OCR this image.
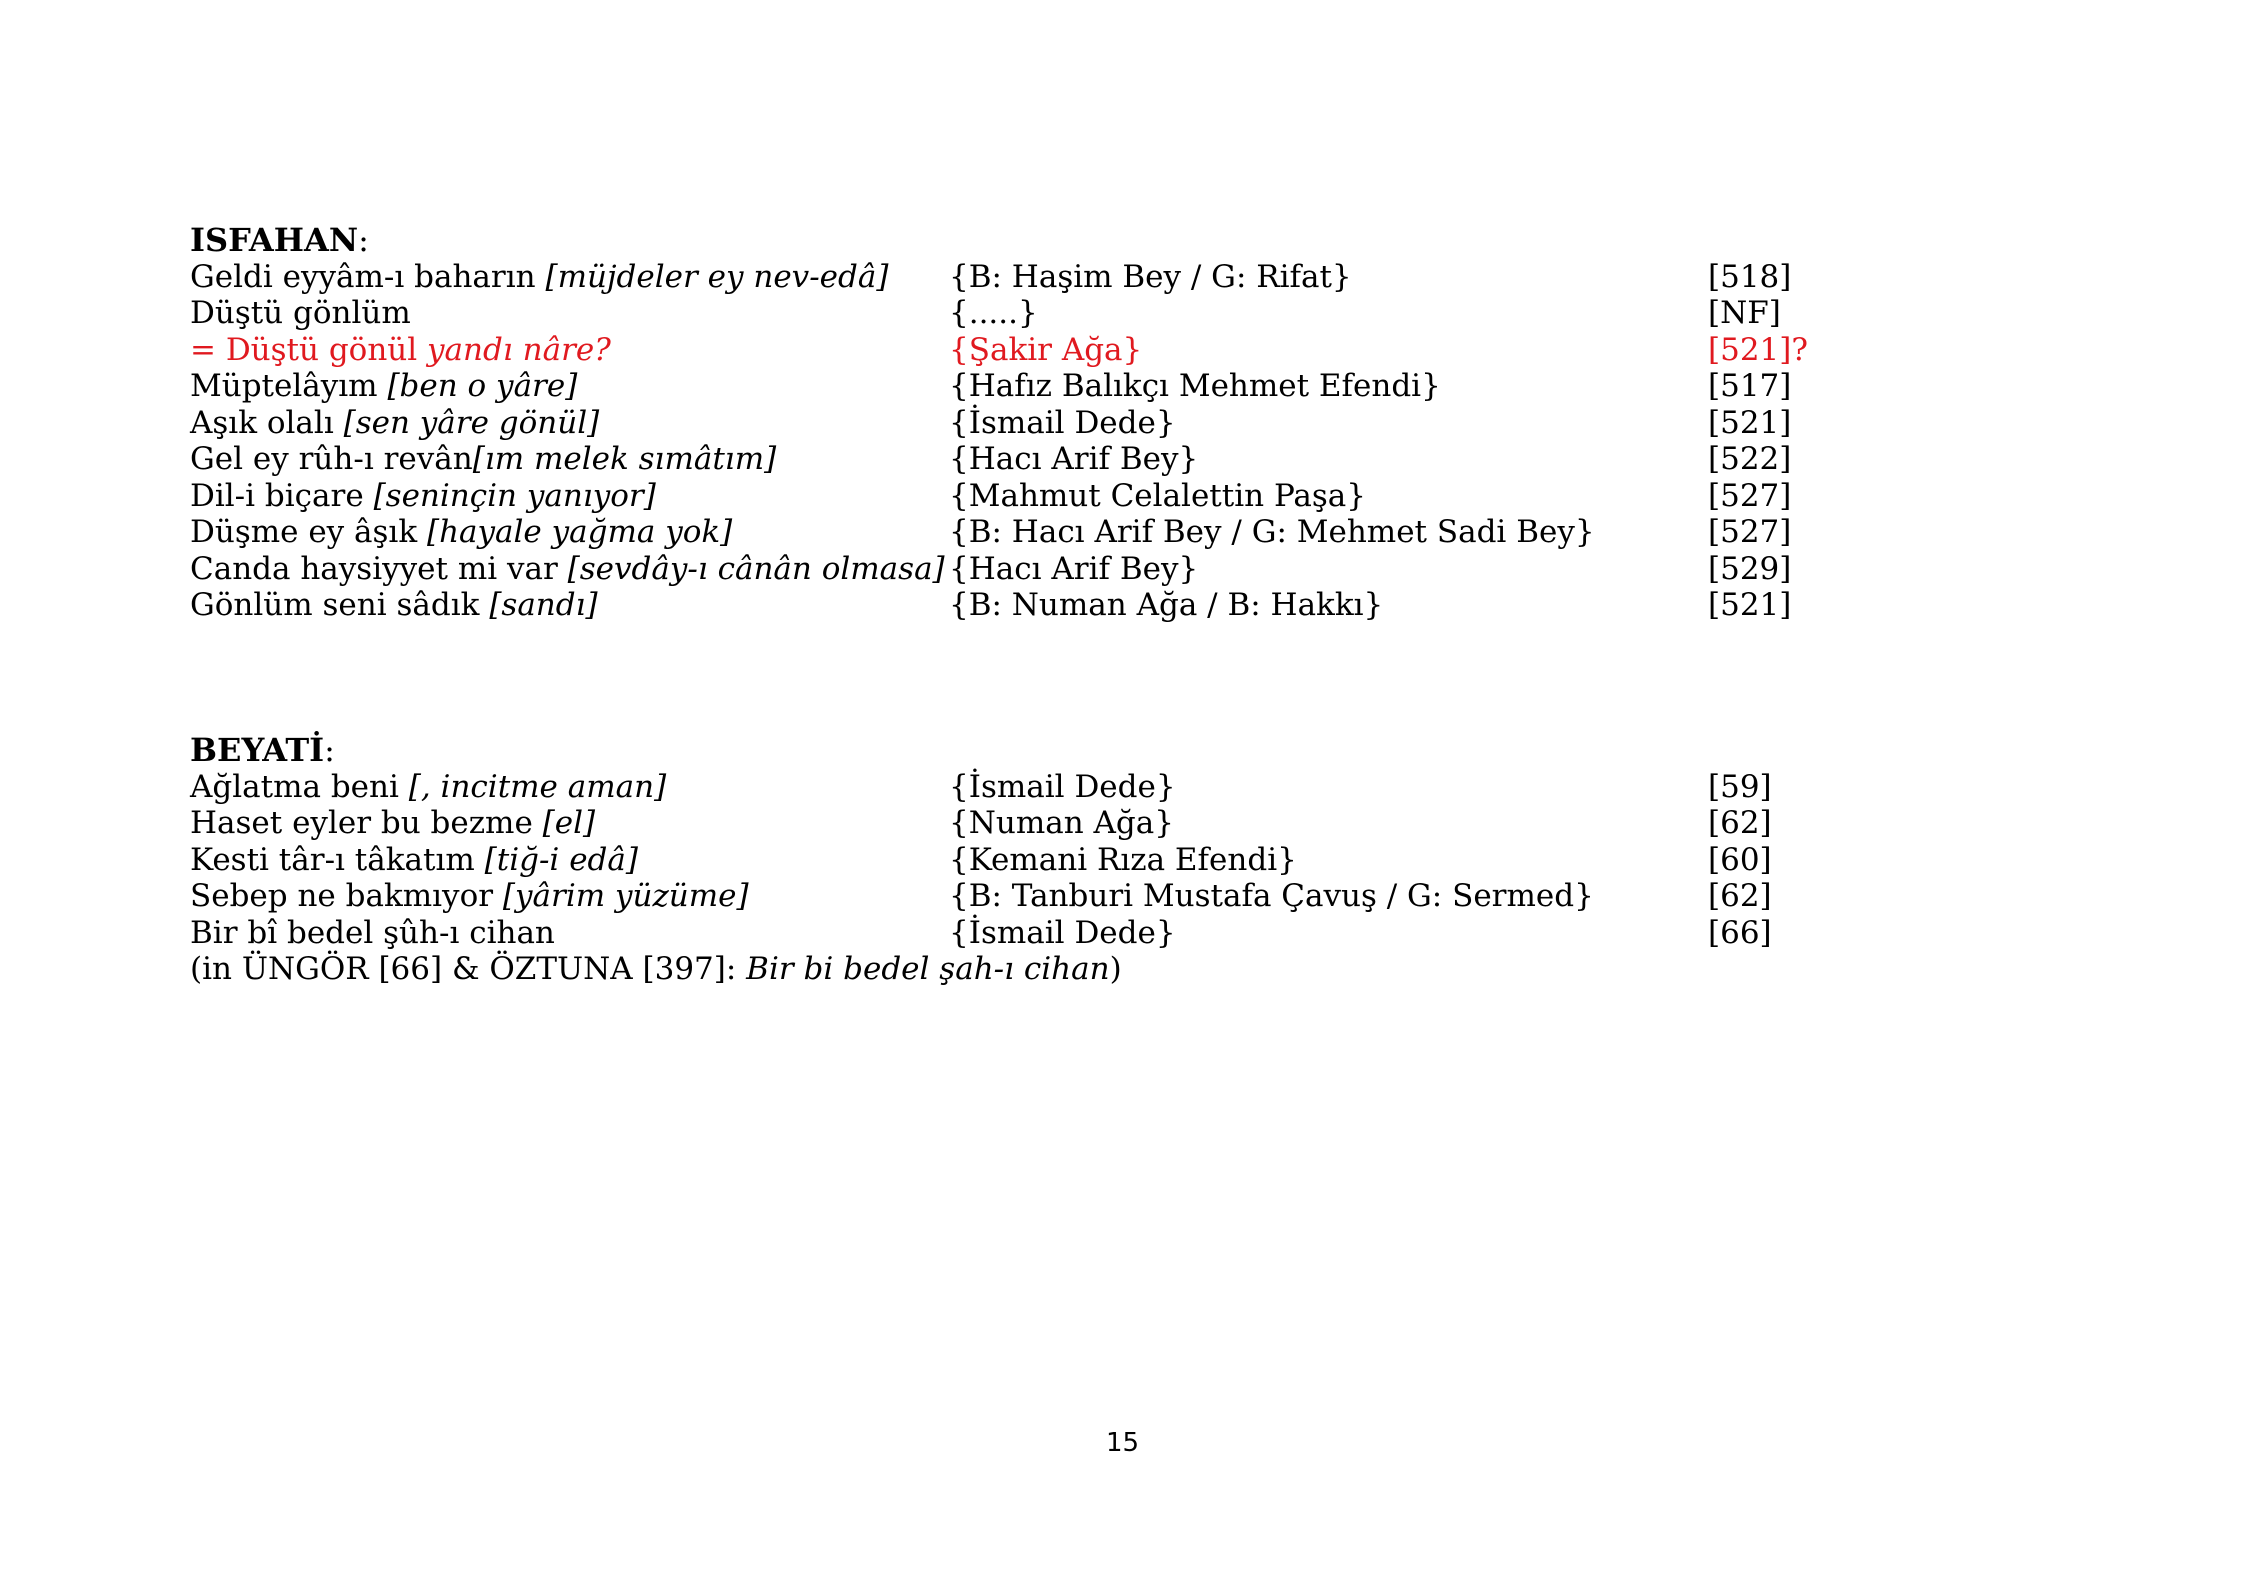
ISFAHAN:
Geldi eyyâm-ı baharın [müjdeler ey nev-edâ] {B: Haşim Bey / G: Rifat}	[518]
Düştü gönlüm	{.....}	[NF]
= Düştü gönül yandı nâre?	{Şakir Ağa}	[521]?
Müptelâyım [ben o yâre]	{Hafız Balıkçı Mehmet Efendi}	[517]
Aşık olalı [sen yâre gönül]	{İsmail Dede}	[521]
Gel ey rûh-ı revân[ım melek sımâtım]	{Hacı Arif Bey}	[522]
Dil-i biçare [seninçin yanıyor]	{Mahmut Celalettin Paşa}	[527]
Düşme ey âşık [hayale yağma yok]	{B: Hacı Arif Bey / G: Mehmet Sadi Bey}	[527]
Canda haysiyyet mi var [sevdây-ı cânân olmasa] {Hacı Arif Bey}	[529]
Gönlüm seni sâdık [sandı]	{B: Numan Ağa / B: Hakkı}	[521]
BEYATİ:
Ağlatma beni [, incitme aman]	{İsmail Dede}	[59]
Haset eyler bu bezme [el]	{Numan Ağa}	[62]
Kesti târ-ı tâkatım [tiğ-i edâ]	{Kemani Rıza Efendi}	[60]
Sebep ne bakmıyor [yârim yüzüme]	{B: Tanburi Mustafa Çavuş / G: Sermed}	[62]
Bir bî bedel şûh-ı cihan	{İsmail Dede}	[66]
(in ÜNGÖR [66] & ÖZTUNA [397]: Bir bi bedel şah-ı cihan)
15
